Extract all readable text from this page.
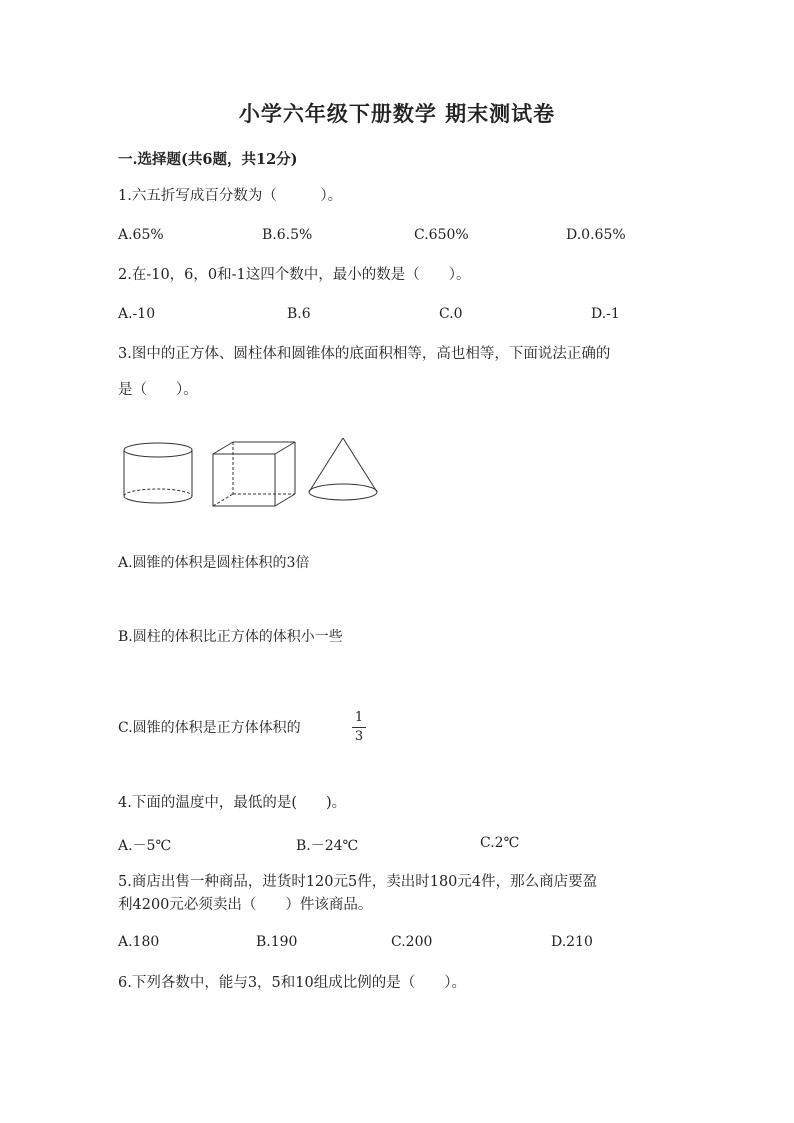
小学六年级下册数学 期末测试卷
一.选择题(共6题，共12分)
1.六五折写成百分数为（　　　）。
A.65%	B.6.5%	C.650%	D.0.65%
2.在-10，6，0和-1这四个数中，最小的数是（　　）。
A.-10	B.6	C.0	D.-1
3.图中的正方体、圆柱体和圆锥体的底面积相等，高也相等，下面说法正确的
是（　　）。
A.圆锥的体积是圆柱体积的3倍
B.圆柱的体积比正方体的体积小一些
C.圆锥的体积是正方体体积的
1
3
4.下面的温度中，最低的是(　　)。
A.－5℃	B.－24℃	C.2℃
5.商店出售一种商品，进货时120元5件，卖出时180元4件，那么商店要盈
利4200元必须卖出（　　）件该商品。
A.180	B.190	C.200	D.210
6.下列各数中，能与3，5和10组成比例的是（　　）。
